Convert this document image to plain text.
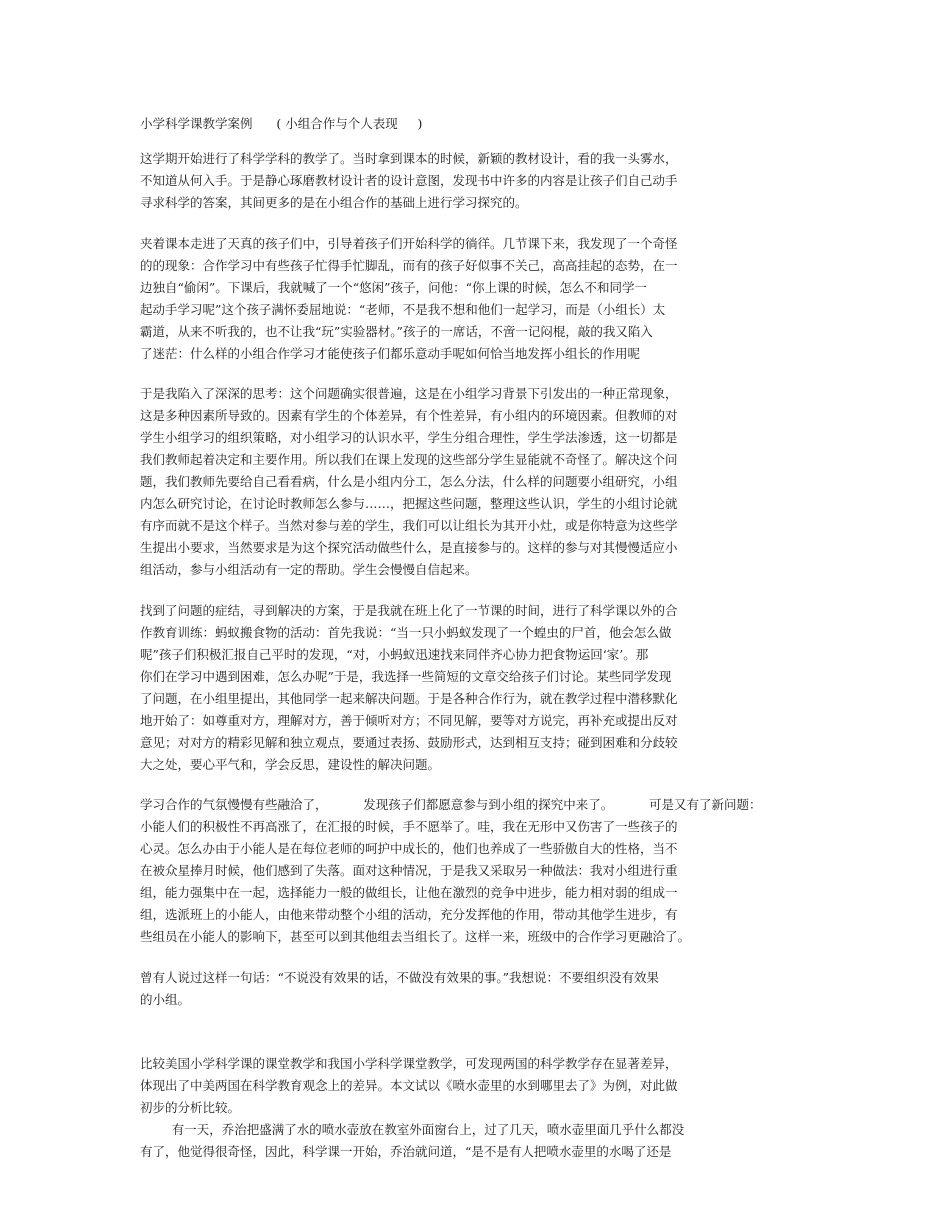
小学科学课教学案例      ( 小组合作与个人表现     )
这学期开始进行了科学学科的教学了。当时拿到课本的时候，新颖的教材设计，看的我一头雾水，
不知道从何入手。于是静心琢磨教材设计者的设计意图，发现书中许多的内容是让孩子们自己动手
寻求科学的答案，其间更多的是在小组合作的基础上进行学习探究的。
夹着课本走进了天真的孩子们中，引导着孩子们开始科学的徜徉。几节课下来，我发现了一个奇怪
的的现象：合作学习中有些孩子忙得手忙脚乱，而有的孩子好似事不关己，高高挂起的态势，在一
边独自“偷闲”。下课后，我就喊了一个“悠闲”孩子，问他：“你上课的时候，怎么不和同学一
起动手学习呢”这个孩子满怀委屈地说：“老师，不是我不想和他们一起学习，而是（小组长）太
霸道，从来不听我的，也不让我“玩”实验器材。”孩子的一席话，不啻一记闷棍，敲的我又陷入
了迷茫：什么样的小组合作学习才能使孩子们都乐意动手呢如何恰当地发挥小组长的作用呢
于是我陷入了深深的思考：这个问题确实很普遍，这是在小组学习背景下引发出的一种正常现象，
这是多种因素所导致的。因素有学生的个体差异，有个性差异，有小组内的环境因素。但教师的对
学生小组学习的组织策略，对小组学习的认识水平，学生分组合理性，学生学法渗透，这一切都是
我们教师起着决定和主要作用。所以我们在课上发现的这些部分学生显能就不奇怪了。解决这个问
题，我们教师先要给自己看看病，什么是小组内分工，怎么分法，什么样的问题要小组研究，小组
内怎么研究讨论，在讨论时教师怎么参与……，把握这些问题，整理这些认识，学生的小组讨论就
有序而就不是这个样子。当然对参与差的学生，我们可以让组长为其开小灶，或是你特意为这些学
生提出小要求，当然要求是为这个探究活动做些什么，是直接参与的。这样的参与对其慢慢适应小
组活动，参与小组活动有一定的帮助。学生会慢慢自信起来。
找到了问题的症结，寻到解决的方案，于是我就在班上化了一节课的时间，进行了科学课以外的合
作教育训练：蚂蚁搬食物的活动：首先我说：“当一只小蚂蚁发现了一个蝗虫的尸首，他会怎么做
呢”孩子们积极汇报自己平时的发现，“对，小蚂蚁迅速找来同伴齐心协力把食物运回‘家’。那
你们在学习中遇到困难，怎么办呢”于是，我选择一些简短的文章交给孩子们讨论。某些同学发现
了问题，在小组里提出，其他同学一起来解决问题。于是各种合作行为，就在教学过程中潜移默化
地开始了：如尊重对方，理解对方，善于倾听对方；不同见解，要等对方说完，再补充或提出反对
意见；对对方的精彩见解和独立观点，要通过表扬、鼓励形式，达到相互支持；碰到困难和分歧较
大之处，要心平气和，学会反思，建设性的解决问题。
学习合作的气氛慢慢有些融洽了，         发现孩子们都愿意参与到小组的探究中来了。         可是又有了新问题：
小能人们的积极性不再高涨了，在汇报的时候，手不愿举了。哇，我在无形中又伤害了一些孩子的
心灵。怎么办由于小能人是在每位老师的呵护中成长的，他们也养成了一些骄傲自大的性格，当不
在被众星捧月时候，他们感到了失落。面对这种情况，于是我又采取另一种做法：我对小组进行重
组，能力强集中在一起，选择能力一般的做组长，让他在激烈的竞争中进步，能力相对弱的组成一
组，选派班上的小能人，由他来带动整个小组的活动，充分发挥他的作用，带动其他学生进步，有
些组员在小能人的影响下，甚至可以到其他组去当组长了。这样一来，班级中的合作学习更融洽了。
曾有人说过这样一句话：“不说没有效果的话，不做没有效果的事。”我想说：不要组织没有效果
的小组。
比较美国小学科学课的课堂教学和我国小学科学课堂教学，可发现两国的科学教学存在显著差异，
体现出了中美两国在科学教育观念上的差异。本文试以《喷水壶里的水到哪里去了》为例，对此做
初步的分析比较。
有一天，乔治把盛满了水的喷水壶放在教室外面窗台上，过了几天，喷水壶里面几乎什么都没
有了，他觉得很奇怪，因此，科学课一开始，乔治就问道，“是不是有人把喷水壶里的水喝了还是
